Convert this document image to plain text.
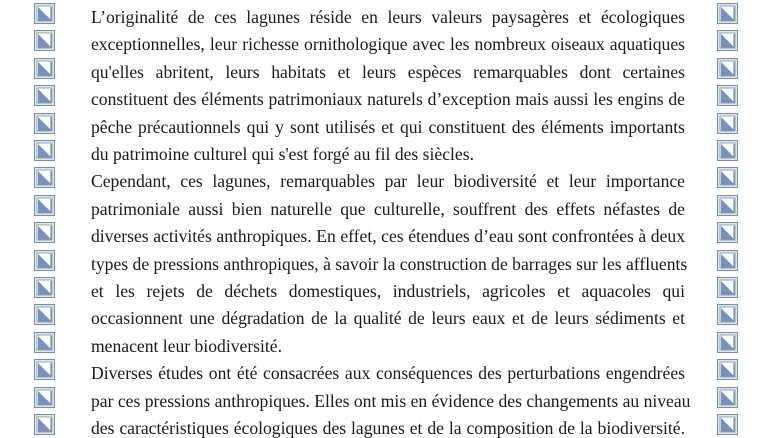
L’originalité de ces lagunes réside en leurs valeurs paysagères et écologiques
exceptionnelles, leur richesse ornithologique avec les nombreux oiseaux aquatiques
qu'elles abritent, leurs habitats et leurs espèces remarquables dont certaines
constituent des éléments patrimoniaux naturels d’exception mais aussi les engins de
pêche précautionnels qui y sont utilisés et qui constituent des éléments importants
du patrimoine culturel qui s'est forgé au fil des siècles.

Cependant, ces lagunes, remarquables par leur biodiversité et leur importance
patrimoniale aussi bien naturelle que culturelle, souffrent des effets néfastes de
diverses activités anthropiques. En effet, ces étendues d’eau sont confrontées à deux
types de pressions anthropiques, à savoir la construction de barrages sur les affluents
et les rejets de déchets domestiques, industriels, agricoles et aquacoles qui
occasionnent une dégradation de la qualité de leurs eaux et de leurs sédiments et
menacent leur biodiversité.

Diverses études ont été consacrées aux conséquences des perturbations engendrées
par ces pressions anthropiques. Elles ont mis en évidence des changements au niveau
des caractéristiques écologiques des lagunes et de la composition de la biodiversité.
